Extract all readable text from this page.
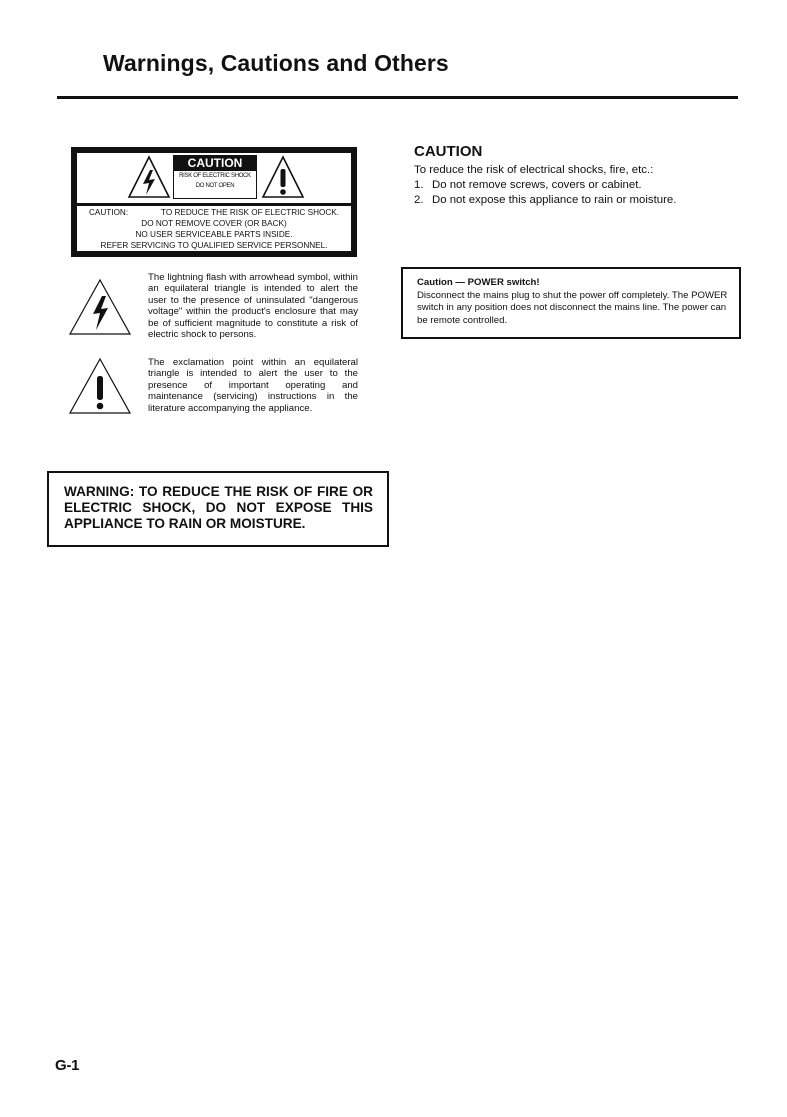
Warnings, Cautions and Others
CAUTION
RISK OF ELECTRIC SHOCK
DO NOT OPEN
CAUTION:	TO REDUCE THE RISK OF ELECTRIC SHOCK.
DO NOT REMOVE COVER (OR BACK)
NO USER SERVICEABLE PARTS INSIDE.
REFER SERVICING TO QUALIFIED SERVICE PERSONNEL.
The lightning flash with arrowhead symbol, within an equilateral triangle is intended to alert the user to the presence of uninsulated "dangerous voltage" within the product's enclosure that may be of sufficient magnitude to constitute a risk of electric shock to persons.
The exclamation point within an equilateral triangle is intended to alert the user to the presence of important operating and maintenance (servicing) instructions in the literature accompanying the appliance.
WARNING: TO REDUCE THE RISK OF FIRE OR ELECTRIC SHOCK, DO NOT EXPOSE THIS APPLIANCE TO RAIN OR MOISTURE.
CAUTION
To reduce the risk of electrical shocks, fire, etc.:
1. Do not remove screws, covers or cabinet.
2. Do not expose this appliance to rain or moisture.
Caution — POWER switch!
Disconnect the mains plug to shut the power off completely. The POWER switch in any position does not disconnect the mains line. The power can be remote controlled.
G-1
